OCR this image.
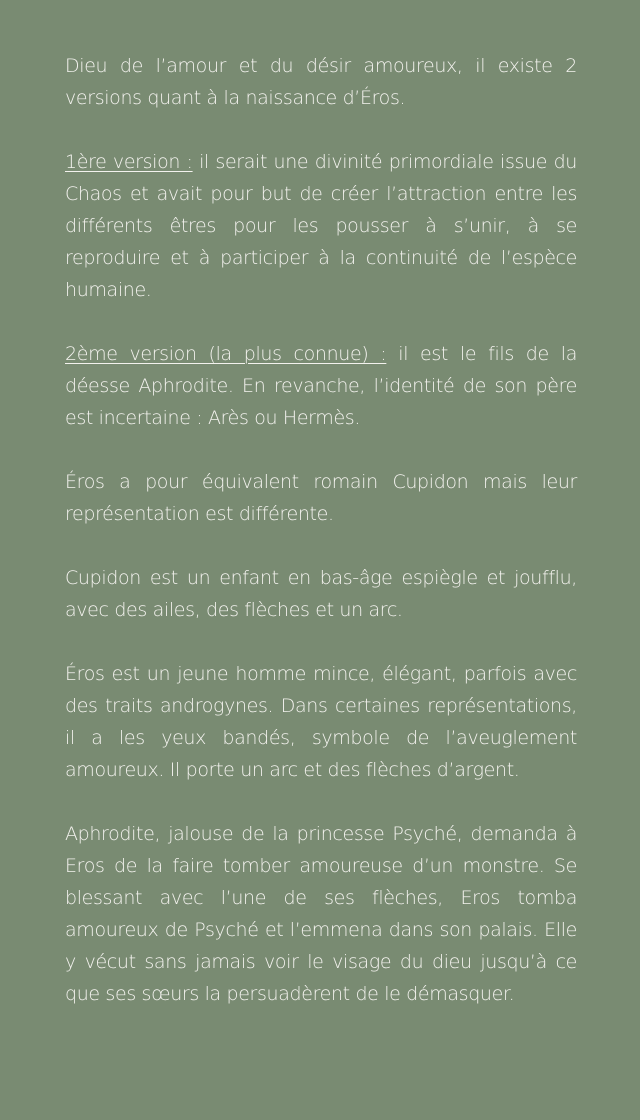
Dieu de l’amour et du désir amoureux, il existe 2 versions quant à la naissance d’Éros.

1ère version : il serait une divinité primordiale issue du Chaos et avait pour but de créer l’attraction entre les différents êtres pour les pousser à s’unir, à se reproduire et à participer à la continuité de l’espèce humaine.

2ème version (la plus connue) : il est le fils de la déesse Aphrodite. En revanche, l’identité de son père est incertaine : Arès ou Hermès.

Éros a pour équivalent romain Cupidon mais leur représentation est différente.

Cupidon est un enfant en bas-âge espiègle et joufflu, avec des ailes, des flèches et un arc.

Éros est un jeune homme mince, élégant, parfois avec des traits androgynes. Dans certaines représentations, il a les yeux bandés, symbole de l’aveuglement amoureux. Il porte un arc et des flèches d’argent.

Aphrodite, jalouse de la princesse Psyché, demanda à Eros de la faire tomber amoureuse d’un monstre. Se blessant avec l’une de ses flèches, Eros tomba amoureux de Psyché et l’emmena dans son palais. Elle y vécut sans jamais voir le visage du dieu jusqu’à ce que ses sœurs la persuadèrent de le démasquer.
